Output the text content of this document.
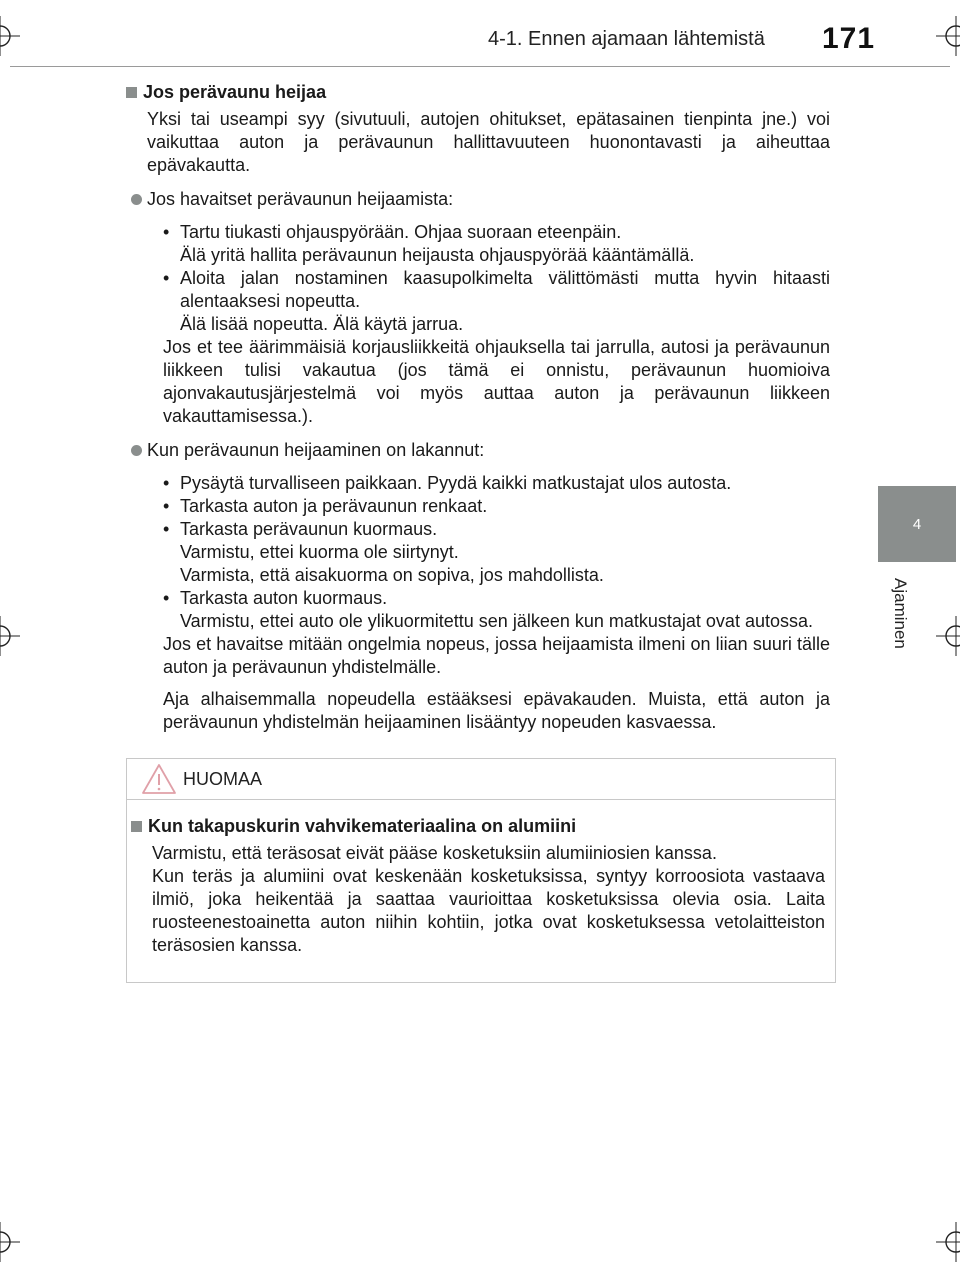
4-1. Ennen ajamaan lähtemistä 171
4
Ajaminen
Jos perävaunu heijaa
Yksi tai useampi syy (sivutuuli, autojen ohitukset, epätasainen tienpinta jne.) voi vaikuttaa auton ja perävaunun hallittavuuteen huonontavasti ja aiheuttaa epävakautta.
Jos havaitset perävaunun heijaamista:
• Tartu tiukasti ohjauspyörään. Ohjaa suoraan eteenpäin.
Älä yritä hallita perävaunun heijausta ohjauspyörää kääntämällä.
• Aloita jalan nostaminen kaasupolkimelta välittömästi mutta hyvin hitaasti alentaaksesi nopeutta.
Älä lisää nopeutta. Älä käytä jarrua.
Jos et tee äärimmäisiä korjausliikkeitä ohjauksella tai jarrulla, autosi ja perävaunun liikkeen tulisi vakautua (jos tämä ei onnistu, perävaunun huomioiva ajonvakautusjärjestelmä voi myös auttaa auton ja perävaunun liikkeen vakauttamisessa.).
Kun perävaunun heijaaminen on lakannut:
• Pysäytä turvalliseen paikkaan. Pyydä kaikki matkustajat ulos autosta.
• Tarkasta auton ja perävaunun renkaat.
• Tarkasta perävaunun kuormaus.
Varmistu, ettei kuorma ole siirtynyt.
Varmista, että aisakuorma on sopiva, jos mahdollista.
• Tarkasta auton kuormaus.
Varmistu, ettei auto ole ylikuormitettu sen jälkeen kun matkustajat ovat autossa.
Jos et havaitse mitään ongelmia nopeus, jossa heijaamista ilmeni on liian suuri tälle auton ja perävaunun yhdistelmälle.
Aja alhaisemmalla nopeudella estääksesi epävakauden. Muista, että auton ja perävaunun yhdistelmän heijaaminen lisääntyy nopeuden kasvaessa.
HUOMAA
Kun takapuskurin vahvikemateriaalina on alumiini
Varmistu, että teräsosat eivät pääse kosketuksiin alumiiniosien kanssa.
Kun teräs ja alumiini ovat keskenään kosketuksissa, syntyy korroosiota vastaava ilmiö, joka heikentää ja saattaa vaurioittaa kosketuksissa olevia osia. Laita ruosteenestoainetta auton niihin kohtiin, jotka ovat kosketuksessa vetolaitteiston teräsosien kanssa.
